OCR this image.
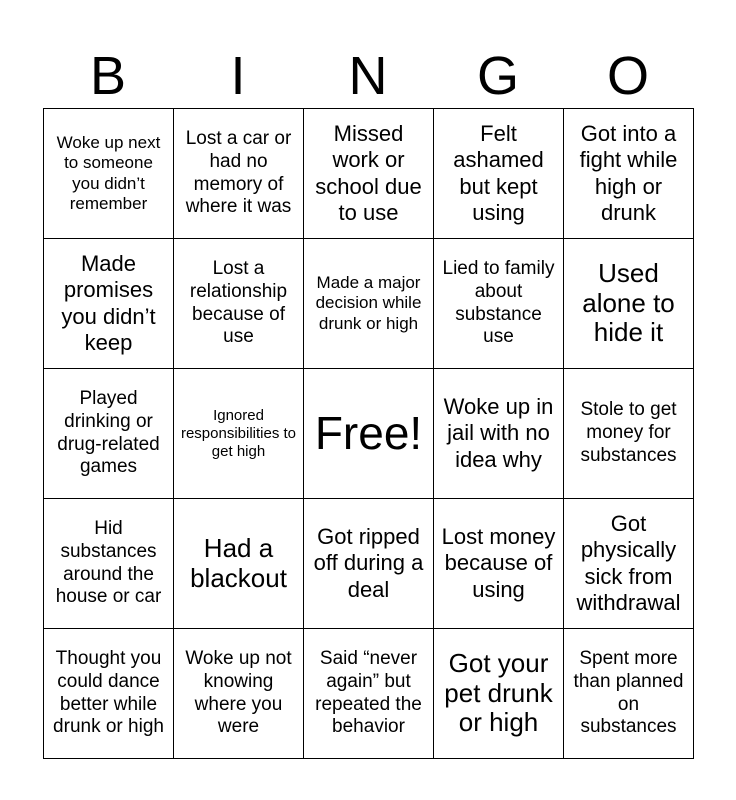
B	I	N	G	O
Woke up next to someone you didn’t remember	Lost a car or had no memory of where it was	Missed work or school due to use	Felt ashamed but kept using	Got into a fight while high or drunk
Made promises you didn’t keep	Lost a relationship because of use	Made a major decision while drunk or high	Lied to family about substance use	Used alone to hide it
Played drinking or drug-related games	Ignored responsibilities to get high	Free!	Woke up in jail with no idea why	Stole to get money for substances
Hid substances around the house or car	Had a blackout	Got ripped off during a deal	Lost money because of using	Got physically sick from withdrawal
Thought you could dance better while drunk or high	Woke up not knowing where you were	Said “never again” but repeated the behavior	Got your pet drunk or high	Spent more than planned on substances
